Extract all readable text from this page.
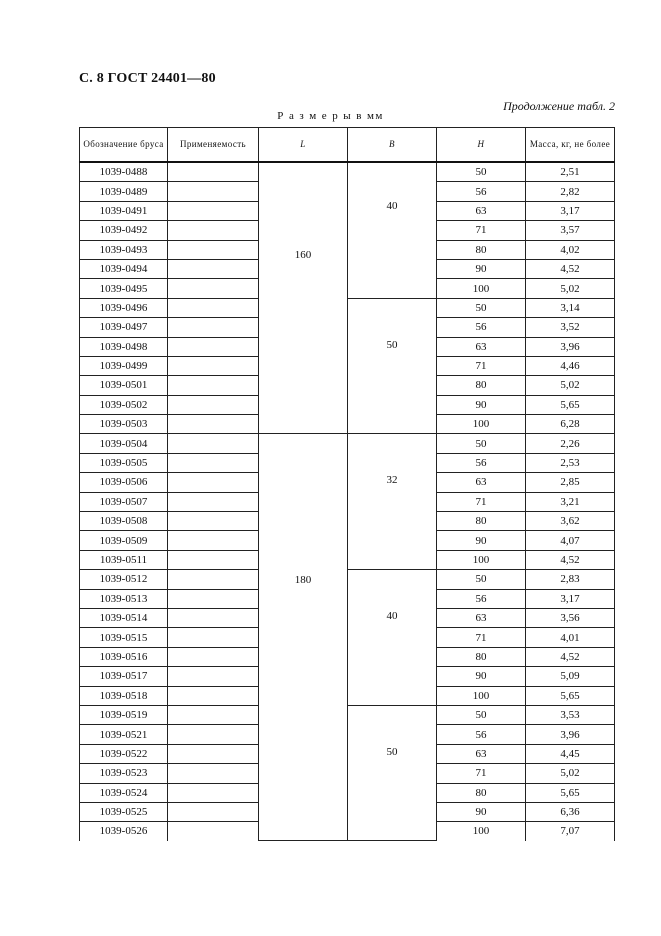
С. 8 ГОСТ 24401—80
Продолжение табл. 2
Р а з м е р ы в мм
Обозначение бруса	Применяемость	L	B	H	Масса, кг, не более
1039-0488		160	40	50	2,51
1039-0489				56	2,82
1039-0491				63	3,17
1039-0492				71	3,57
1039-0493				80	4,02
1039-0494				90	4,52
1039-0495				100	5,02
1039-0496			50	50	3,14
1039-0497				56	3,52
1039-0498				63	3,96
1039-0499				71	4,46
1039-0501				80	5,02
1039-0502				90	5,65
1039-0503				100	6,28
1039-0504		180	32	50	2,26
1039-0505				56	2,53
1039-0506				63	2,85
1039-0507				71	3,21
1039-0508				80	3,62
1039-0509				90	4,07
1039-0511				100	4,52
1039-0512			40	50	2,83
1039-0513				56	3,17
1039-0514				63	3,56
1039-0515				71	4,01
1039-0516				80	4,52
1039-0517				90	5,09
1039-0518				100	5,65
1039-0519			50	50	3,53
1039-0521				56	3,96
1039-0522				63	4,45
1039-0523				71	5,02
1039-0524				80	5,65
1039-0525				90	6,36
1039-0526				100	7,07
